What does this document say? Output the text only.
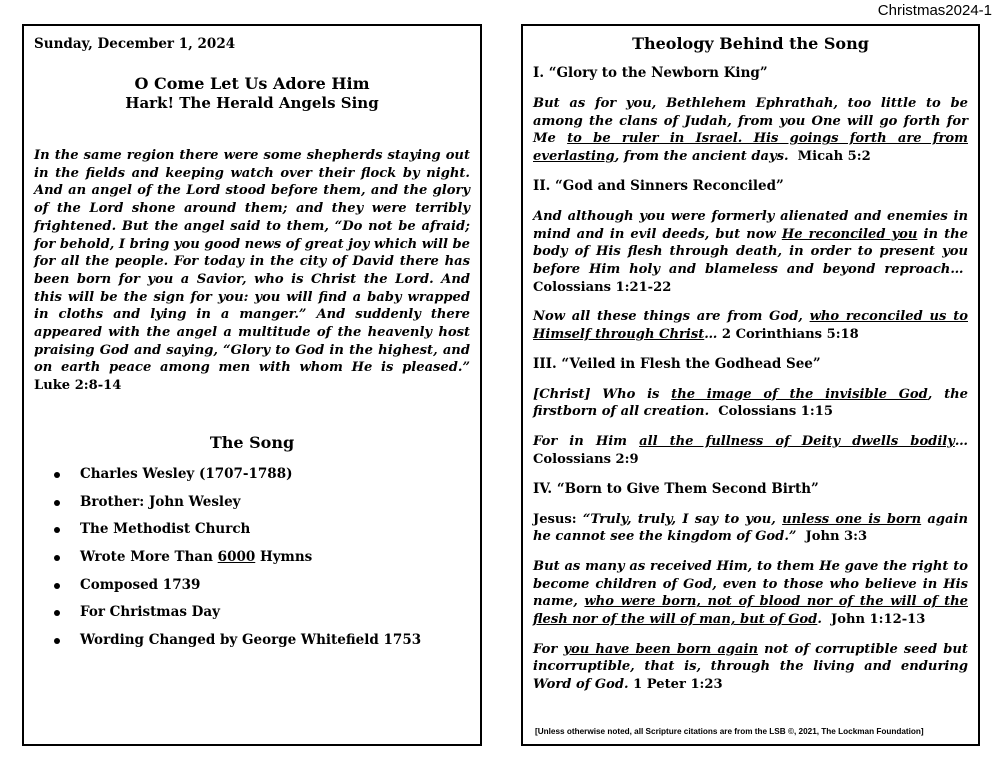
Christmas2024-1

Sunday, December 1, 2024

O Come Let Us Adore Him

Hark! The Herald Angels Sing

In the same region there were some shepherds staying out in the fields and keeping watch over their flock by night. And an angel of the Lord stood before them, and the glory of the Lord shone around them; and they were terribly frightened. But the angel said to them, “Do not be afraid; for behold, I bring you good news of great joy which will be for all the people. For today in the city of David there has been born for you a Savior, who is Christ the Lord. And this will be the sign for you: you will find a baby wrapped in cloths and lying in a manger.” And suddenly there appeared with the angel a multitude of the heavenly host praising God and saying, “Glory to God in the highest, and on earth peace among men with whom He is pleased.” Luke 2:8-14

The Song

Charles Wesley (1707-1788)
Brother: John Wesley
The Methodist Church
Wrote More Than 6000 Hymns
Composed 1739
For Christmas Day
Wording Changed by George Whitefield 1753

Theology Behind the Song

I. “Glory to the Newborn King”

But as for you, Bethlehem Ephrathah, too little to be among the clans of Judah, from you One will go forth for Me to be ruler in Israel. His goings forth are from everlasting, from the ancient days. Micah 5:2

II. “God and Sinners Reconciled”

And although you were formerly alienated and enemies in mind and in evil deeds, but now He reconciled you in the body of His flesh through death, in order to present you before Him holy and blameless and beyond reproach…  Colossians 1:21-22

Now all these things are from God, who reconciled us to Himself through Christ… 2 Corinthians 5:18

III. “Veiled in Flesh the Godhead See”

[Christ] Who is the image of the invisible God, the firstborn of all creation. Colossians 1:15

For in Him all the fullness of Deity dwells bodily… Colossians 2:9

IV. “Born to Give Them Second Birth”

Jesus: “Truly, truly, I say to you, unless one is born again he cannot see the kingdom of God.” John 3:3

But as many as received Him, to them He gave the right to become children of God, even to those who believe in His name, who were born, not of blood nor of the will of the flesh nor of the will of man, but of God. John 1:12-13

For you have been born again not of corruptible seed but incorruptible, that is, through the living and enduring Word of God. 1 Peter 1:23

[Unless otherwise noted, all Scripture citations are from the LSB ©, 2021, The Lockman Foundation]
